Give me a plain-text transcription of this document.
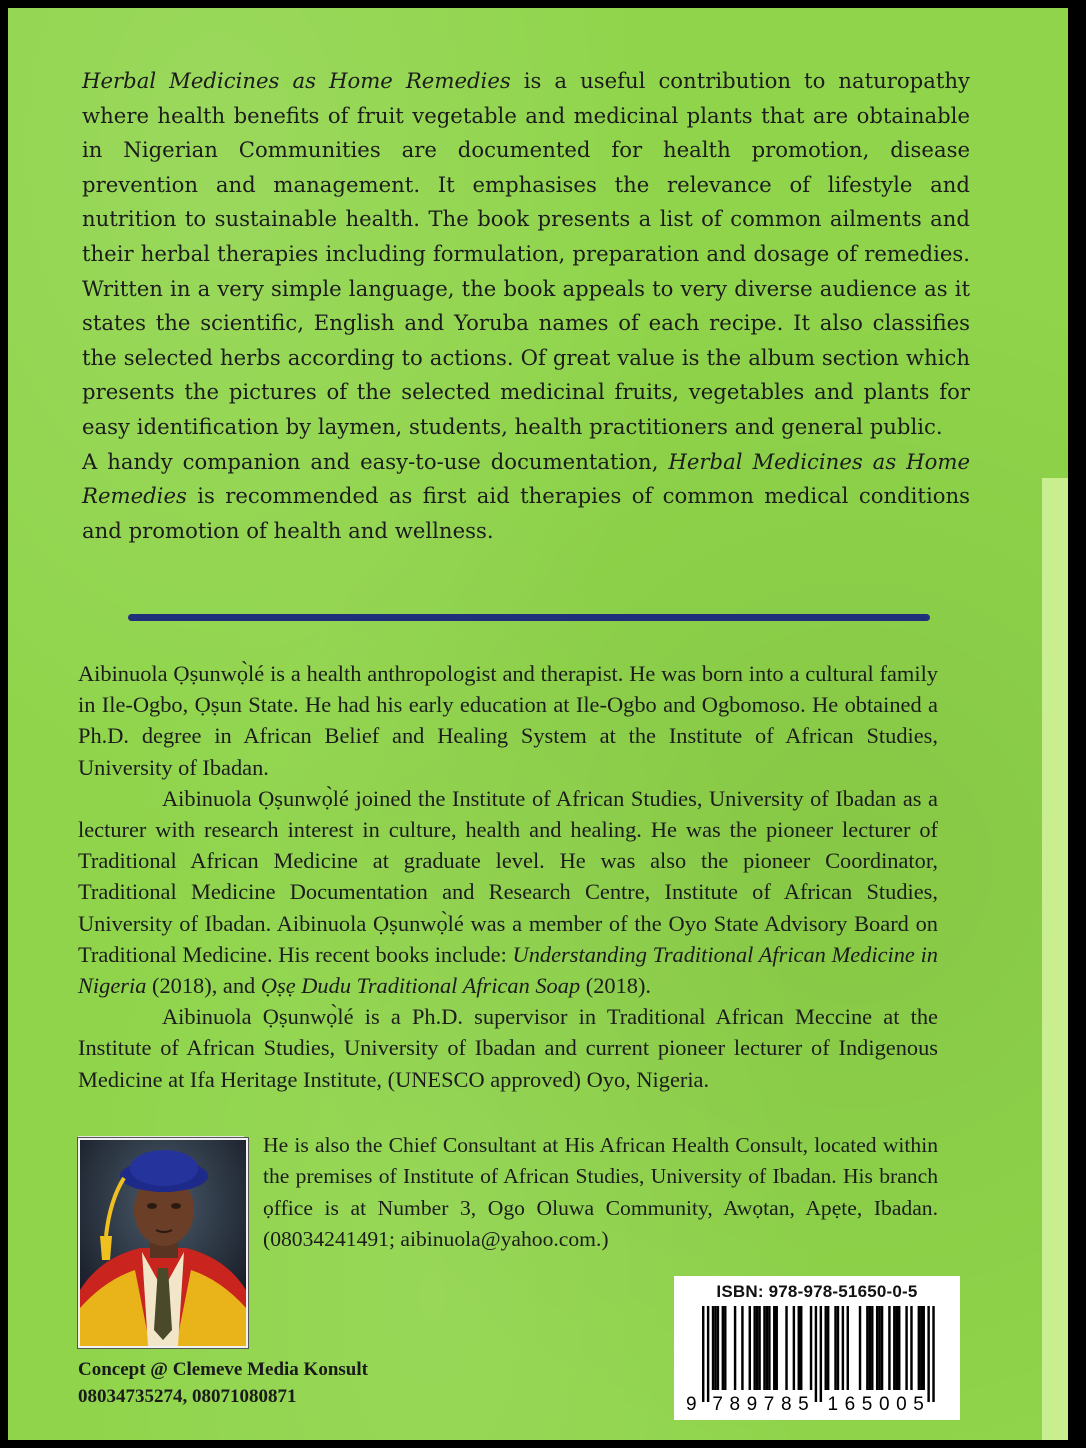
Herbal Medicines as Home Remedies is a useful contribution to naturopathy where health benefits of fruit vegetable and medicinal plants that are obtainable in Nigerian Communities are documented for health promotion, disease prevention and management. It emphasises the relevance of lifestyle and nutrition to sustainable health. The book presents a list of common ailments and their herbal therapies including formulation, preparation and dosage of remedies. Written in a very simple language, the book appeals to very diverse audience as it states the scientific, English and Yoruba names of each recipe. It also classifies the selected herbs according to actions. Of great value is the album section which presents the pictures of the selected medicinal fruits, vegetables and plants for easy identification by laymen, students, health practitioners and general public.

A handy companion and easy-to-use documentation, Herbal Medicines as Home Remedies is recommended as first aid therapies of common medical conditions and promotion of health and wellness.

Aibinuola Ọṣunwọ̀lé is a health anthropologist and therapist. He was born into a cultural family in Ile-Ogbo, Ọṣun State. He had his early education at Ile-Ogbo and Ogbomoso. He obtained a Ph.D. degree in African Belief and Healing System at the Institute of African Studies, University of Ibadan.

Aibinuola Ọṣunwọ̀lé joined the Institute of African Studies, University of Ibadan as a lecturer with research interest in culture, health and healing. He was the pioneer lecturer of Traditional African Medicine at graduate level. He was also the pioneer Coordinator, Traditional Medicine Documentation and Research Centre, Institute of African Studies, University of Ibadan. Aibinuola Ọṣunwọ̀lé was a member of the Oyo State Advisory Board on Traditional Medicine. His recent books include: Understanding Traditional African Medicine in Nigeria (2018), and Ọṣẹ Dudu Traditional African Soap (2018).

Aibinuola Ọṣunwọ̀lé is a Ph.D. supervisor in Traditional African Meccine at the Institute of African Studies, University of Ibadan and current pioneer lecturer of Indigenous Medicine at Ifa Heritage Institute, (UNESCO approved) Oyo, Nigeria.

He is also the Chief Consultant at His African Health Consult, located within the premises of Institute of African Studies, University of Ibadan. His branch ọffice is at Number 3, Ogo Oluwa Community, Awọtan, Apẹte, Ibadan. (08034241491; aibinuola@yahoo.com.)
Concept @ Clemeve Media Konsult
08034735274, 08071080871
ISBN: 978-978-51650-0-5
9 7 8 9 7 8 5 1 6 5 0 0 5
